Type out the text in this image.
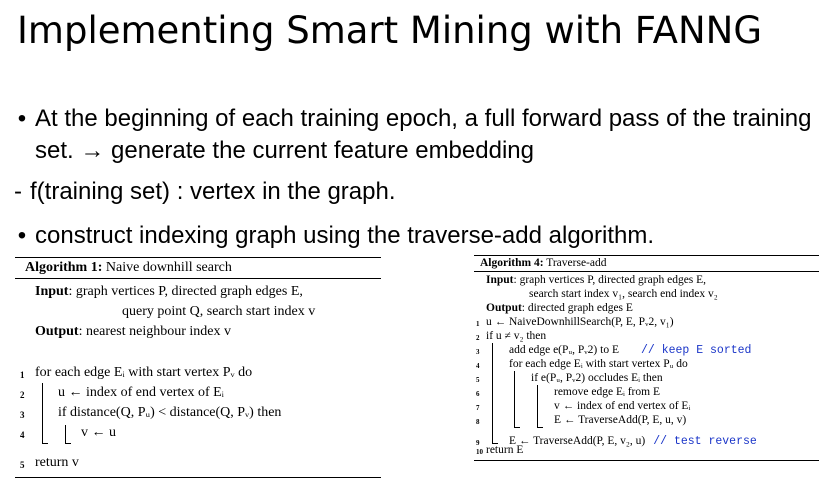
Implementing Smart Mining with FANNG
• At the beginning of each training epoch, a full forward pass of the training set. → generate the current feature embedding
- f(training set) : vertex in the graph.
• construct indexing graph using the traverse-add algorithm.
Algorithm 1: Naive downhill search
Input: graph vertices P, directed graph edges E,
query point Q, search start index v
Output: nearest neighbour index v
1 for each edge Eᵢ with start vertex Pᵥ do
2	u ← index of end vertex of Eᵢ
3	if distance(Q, Pᵤ) < distance(Q, Pᵥ) then
4	v ← u
5 return v
Algorithm 4: Traverse-add
Input: graph vertices P, directed graph edges E,
search start index v₁, search end index v₂
Output: directed graph edges E
1 u ← NaiveDownhillSearch(P, E, Pᵥ2, v₁)
2 if u ≠ v₂ then
3	add edge e(Pᵤ, Pᵥ2) to E // keep E sorted
4	for each edge Eᵢ with start vertex Pᵤ do
5	if e(Pᵤ, Pᵥ2) occludes Eᵢ then
6	remove edge Eᵢ from E
7	v ← index of end vertex of Eᵢ
8	E ← TraverseAdd(P, E, u, v)
9	E ← TraverseAdd(P, E, v₂, u) // test reverse
10 return E
